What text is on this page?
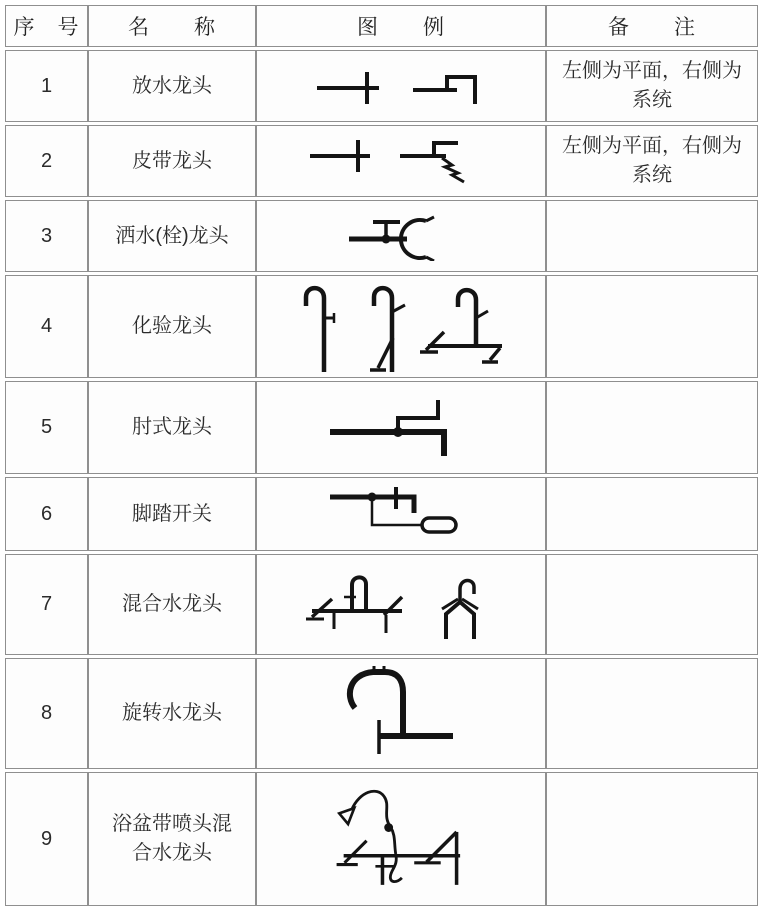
序　号	名　　称	图　　例	备　　注
1	放水龙头		左侧为平面，右侧为系统
2	皮带龙头		左侧为平面，右侧为系统
3	洒水(栓)龙头		
4	化验龙头		
5	肘式龙头		
6	脚踏开关		
7	混合水龙头		
8	旋转水龙头		
9	浴盆带喷头混合水龙头		
